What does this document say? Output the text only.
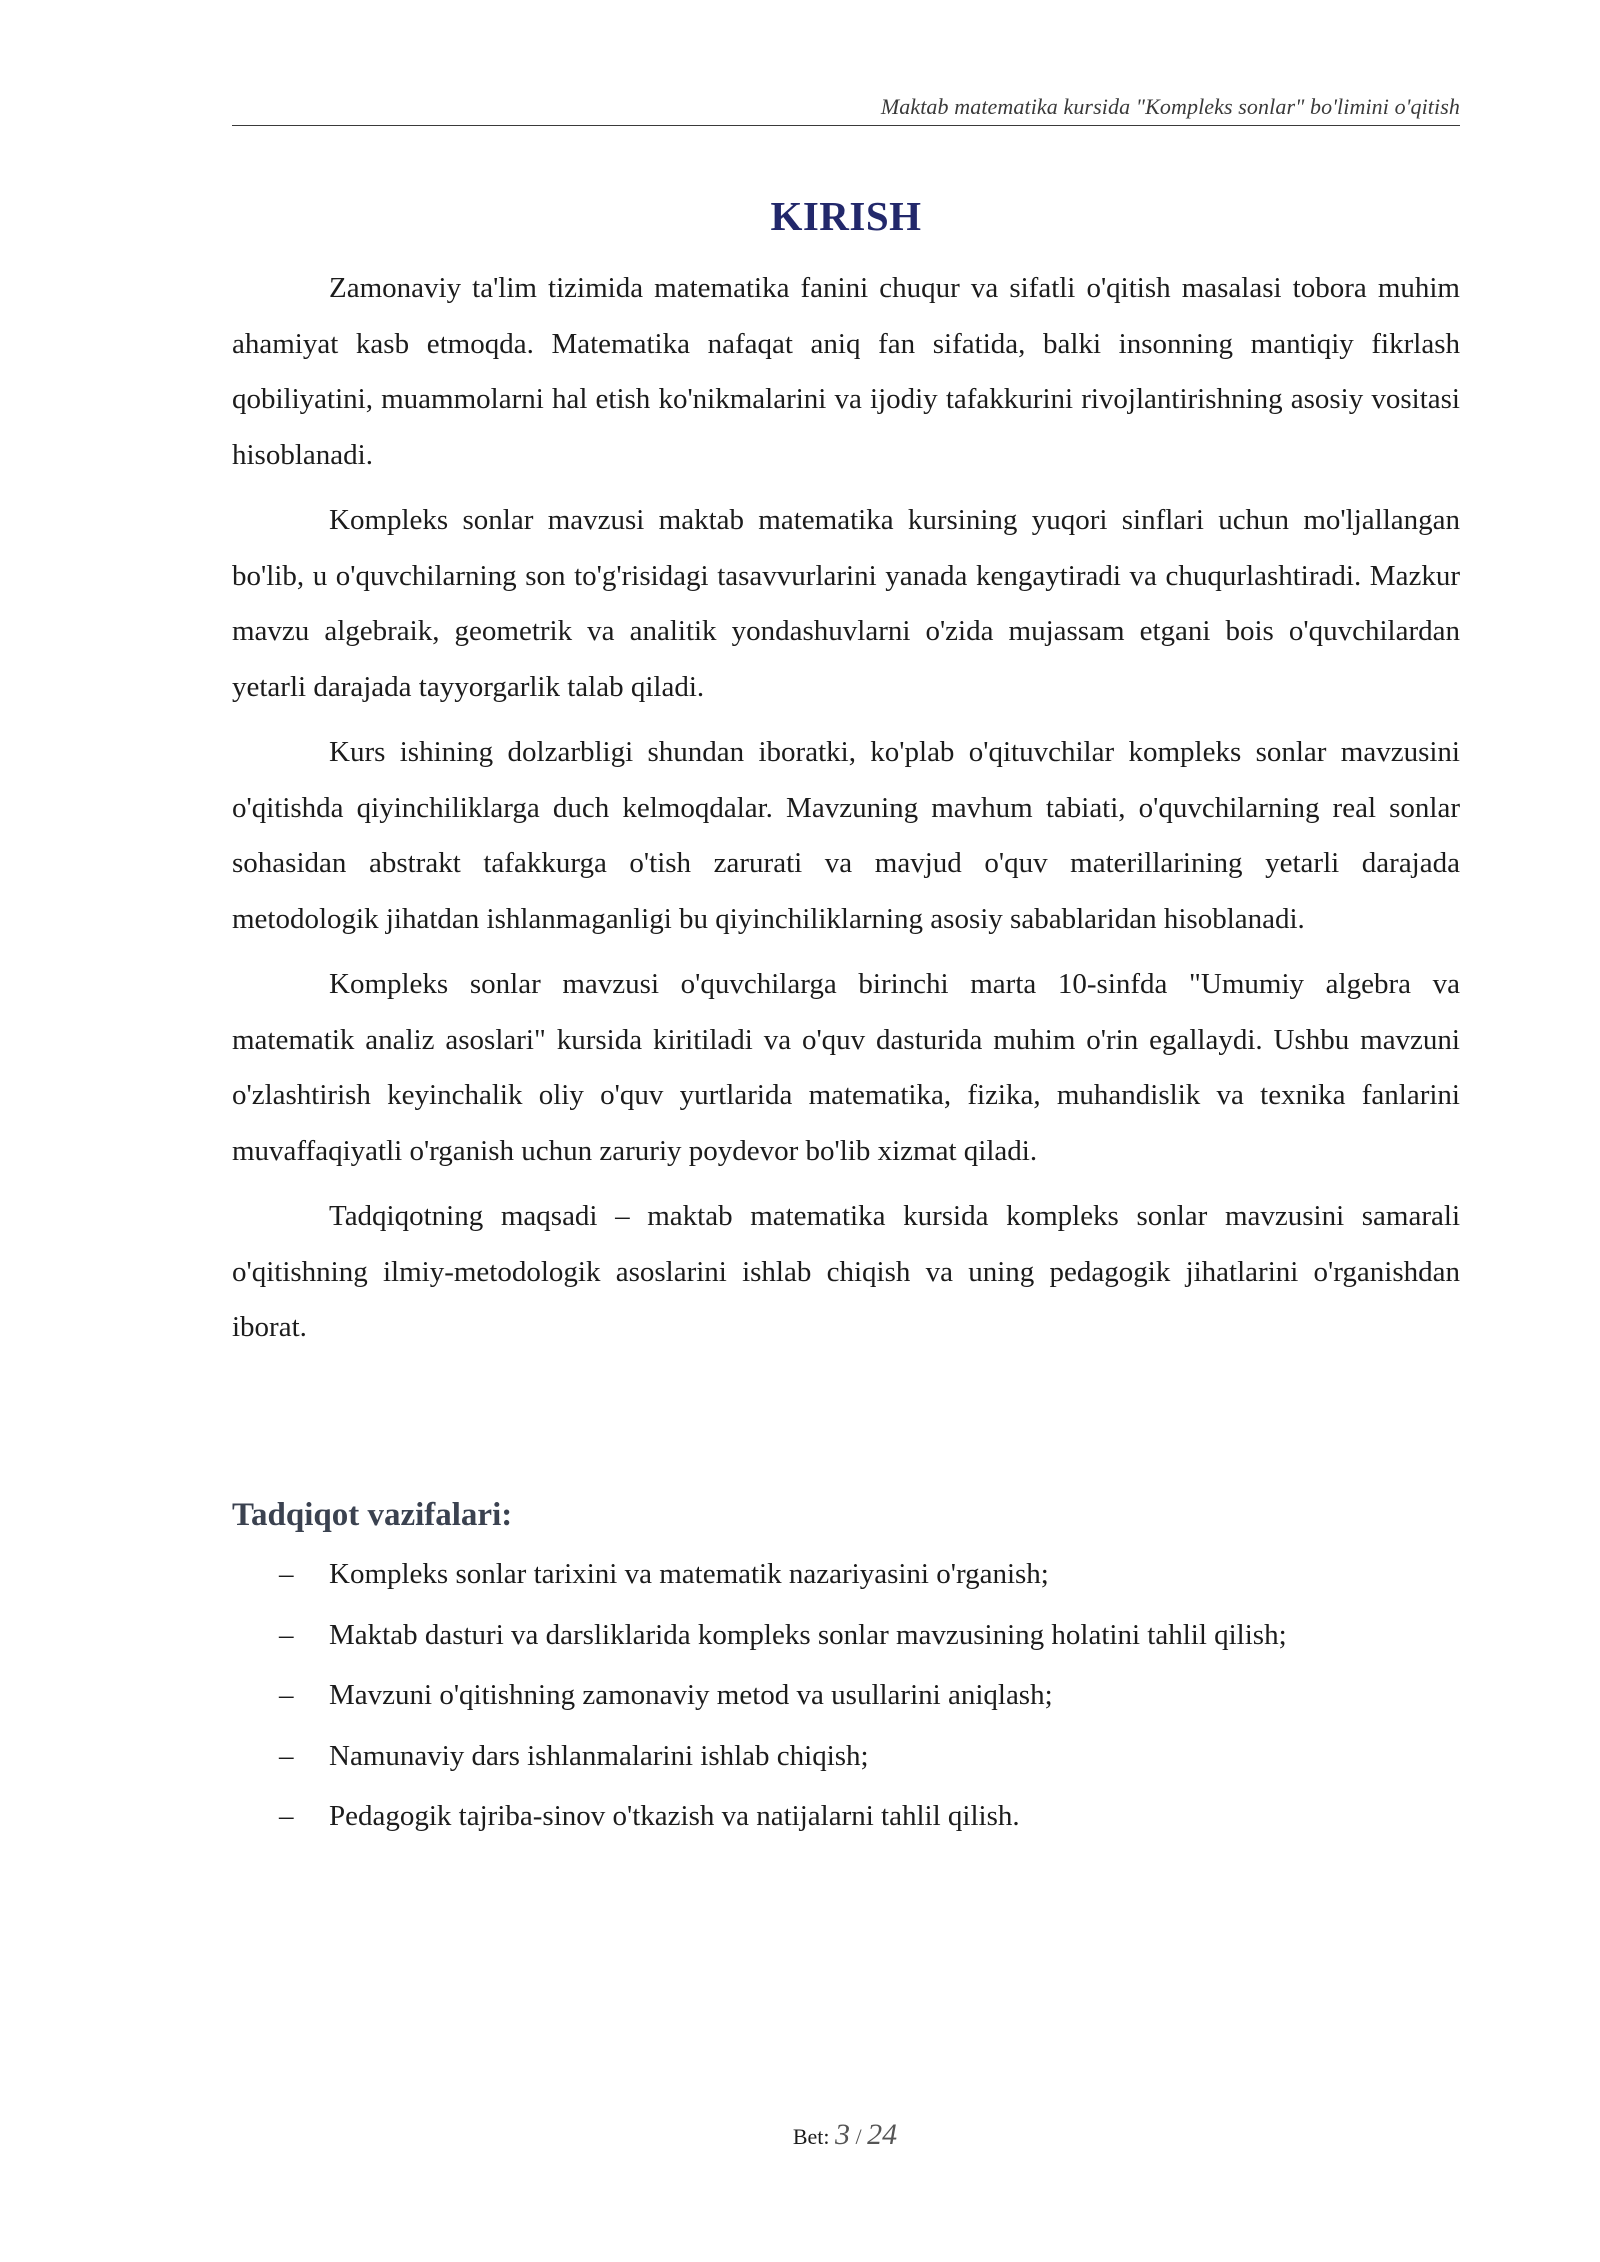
Maktab matematika kursida "Kompleks sonlar" bo'limini o'qitish
KIRISH

Zamonaviy ta'lim tizimida matematika fanini chuqur va sifatli o'qitish masalasi tobora muhim ahamiyat kasb etmoqda. Matematika nafaqat aniq fan sifatida, balki insonning mantiqiy fikrlash qobiliyatini, muammolarni hal etish ko'nikmalarini va ijodiy tafakkurini rivojlantirishning asosiy vositasi hisoblanadi.

Kompleks sonlar mavzusi maktab matematika kursining yuqori sinflari uchun mo'ljallangan bo'lib, u o'quvchilarning son to'g'risidagi tasavvurlarini yanada kengaytiradi va chuqurlashtiradi. Mazkur mavzu algebraik, geometrik va analitik yondashuvlarni o'zida mujassam etgani bois o'quvchilardan yetarli darajada tayyorgarlik talab qiladi.

Kurs ishining dolzarbligi shundan iboratki, ko'plab o'qituvchilar kompleks sonlar mavzusini o'qitishda qiyinchiliklarga duch kelmoqdalar. Mavzuning mavhum tabiati, o'quvchilarning real sonlar sohasidan abstrakt tafakkurga o'tish zarurati va mavjud o'quv materillarining yetarli darajada metodologik jihatdan ishlanmaganligi bu qiyinchiliklarning asosiy sabablaridan hisoblanadi.

Kompleks sonlar mavzusi o'quvchilarga birinchi marta 10-sinfda "Umumiy algebra va matematik analiz asoslari" kursida kiritiladi va o'quv dasturida muhim o'rin egallaydi. Ushbu mavzuni o'zlashtirish keyinchalik oliy o'quv yurtlarida matematika, fizika, muhandislik va texnika fanlarini muvaffaqiyatli o'rganish uchun zaruriy poydevor bo'lib xizmat qiladi.

Tadqiqotning maqsadi – maktab matematika kursida kompleks sonlar mavzusini samarali o'qitishning ilmiy-metodologik asoslarini ishlab chiqish va uning pedagogik jihatlarini o'rganishdan iborat.

Tadqiqot vazifalari:
– Kompleks sonlar tarixini va matematik nazariyasini o'rganish;
– Maktab dasturi va darsliklarida kompleks sonlar mavzusining holatini tahlil qilish;
– Mavzuni o'qitishning zamonaviy metod va usullarini aniqlash;
– Namunaviy dars ishlanmalarini ishlab chiqish;
– Pedagogik tajriba-sinov o'tkazish va natijalarni tahlil qilish.
Bet: 3 / 24
